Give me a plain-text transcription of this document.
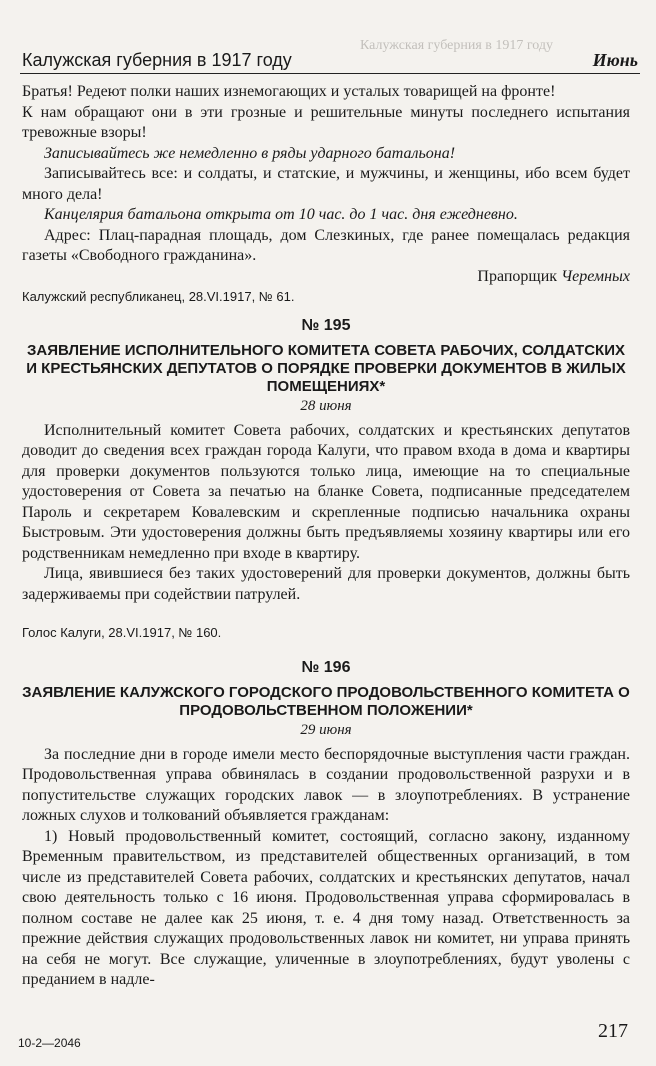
Калужская губерния в 1917 году
Калужская губерния в 1917 году	Июнь

Братья! Редеют полки наших изнемогающих и усталых товарищей на фронте!

К нам обращают они в эти грозные и решительные минуты последнего испытания тревожные взоры!

Записывайтесь же немедленно в ряды ударного батальона!

Записывайтесь все: и солдаты, и статские, и мужчины, и женщины, ибо всем будет много дела!

Канцелярия батальона открыта от 10 час. до 1 час. дня ежедневно.

Адрес: Плац-парадная площадь, дом Слезкиных, где ранее помещалась редакция газеты «Свободного гражданина».

Прапорщик Черемных

Калужский республиканец, 28.VI.1917, № 61.

№ 195
ЗАЯВЛЕНИЕ ИСПОЛНИТЕЛЬНОГО КОМИТЕТА СОВЕТА РАБОЧИХ, СОЛДАТСКИХ И КРЕСТЬЯНСКИХ ДЕПУТАТОВ О ПОРЯДКЕ ПРОВЕРКИ ДОКУМЕНТОВ В ЖИЛЫХ ПОМЕЩЕНИЯХ*
28 июня

Исполнительный комитет Совета рабочих, солдатских и крестьянских депутатов доводит до сведения всех граждан города Калуги, что правом входа в дома и квартиры для проверки документов пользуются только лица, имеющие на то специальные удостоверения от Совета за печатью на бланке Совета, подписанные председателем Пароль и секретарем Ковалевским и скрепленные подписью начальника охраны Быстровым. Эти удостоверения должны быть предъявляемы хозяину квартиры или его родственникам немедленно при входе в квартиру.

Лица, явившиеся без таких удостоверений для проверки документов, должны быть задерживаемы при содействии патрулей.

Голос Калуги, 28.VI.1917, № 160.

№ 196
ЗАЯВЛЕНИЕ КАЛУЖСКОГО ГОРОДСКОГО ПРОДОВОЛЬСТВЕННОГО КОМИТЕТА О ПРОДОВОЛЬСТВЕННОМ ПОЛОЖЕНИИ*
29 июня

За последние дни в городе имели место беспорядочные выступления части граждан. Продовольственная управа обвинялась в создании продовольственной разрухи и в попустительстве служащих городских лавок — в злоупотреблениях. В устранение ложных слухов и толкований объявляется гражданам:

1) Новый продовольственный комитет, состоящий, согласно закону, изданному Временным правительством, из представителей общественных организаций, в том числе из представителей Совета рабочих, солдатских и крестьянских депутатов, начал свою деятельность только с 16 июня. Продовольственная управа сформировалась в полном составе не далее как 25 июня, т. е. 4 дня тому назад. Ответственность за прежние действия служащих продовольственных лавок ни комитет, ни управа принять на себя не могут. Все служащие, уличенные в злоупотреблениях, будут уволены с преданием в надле-

10-2—2046
217
